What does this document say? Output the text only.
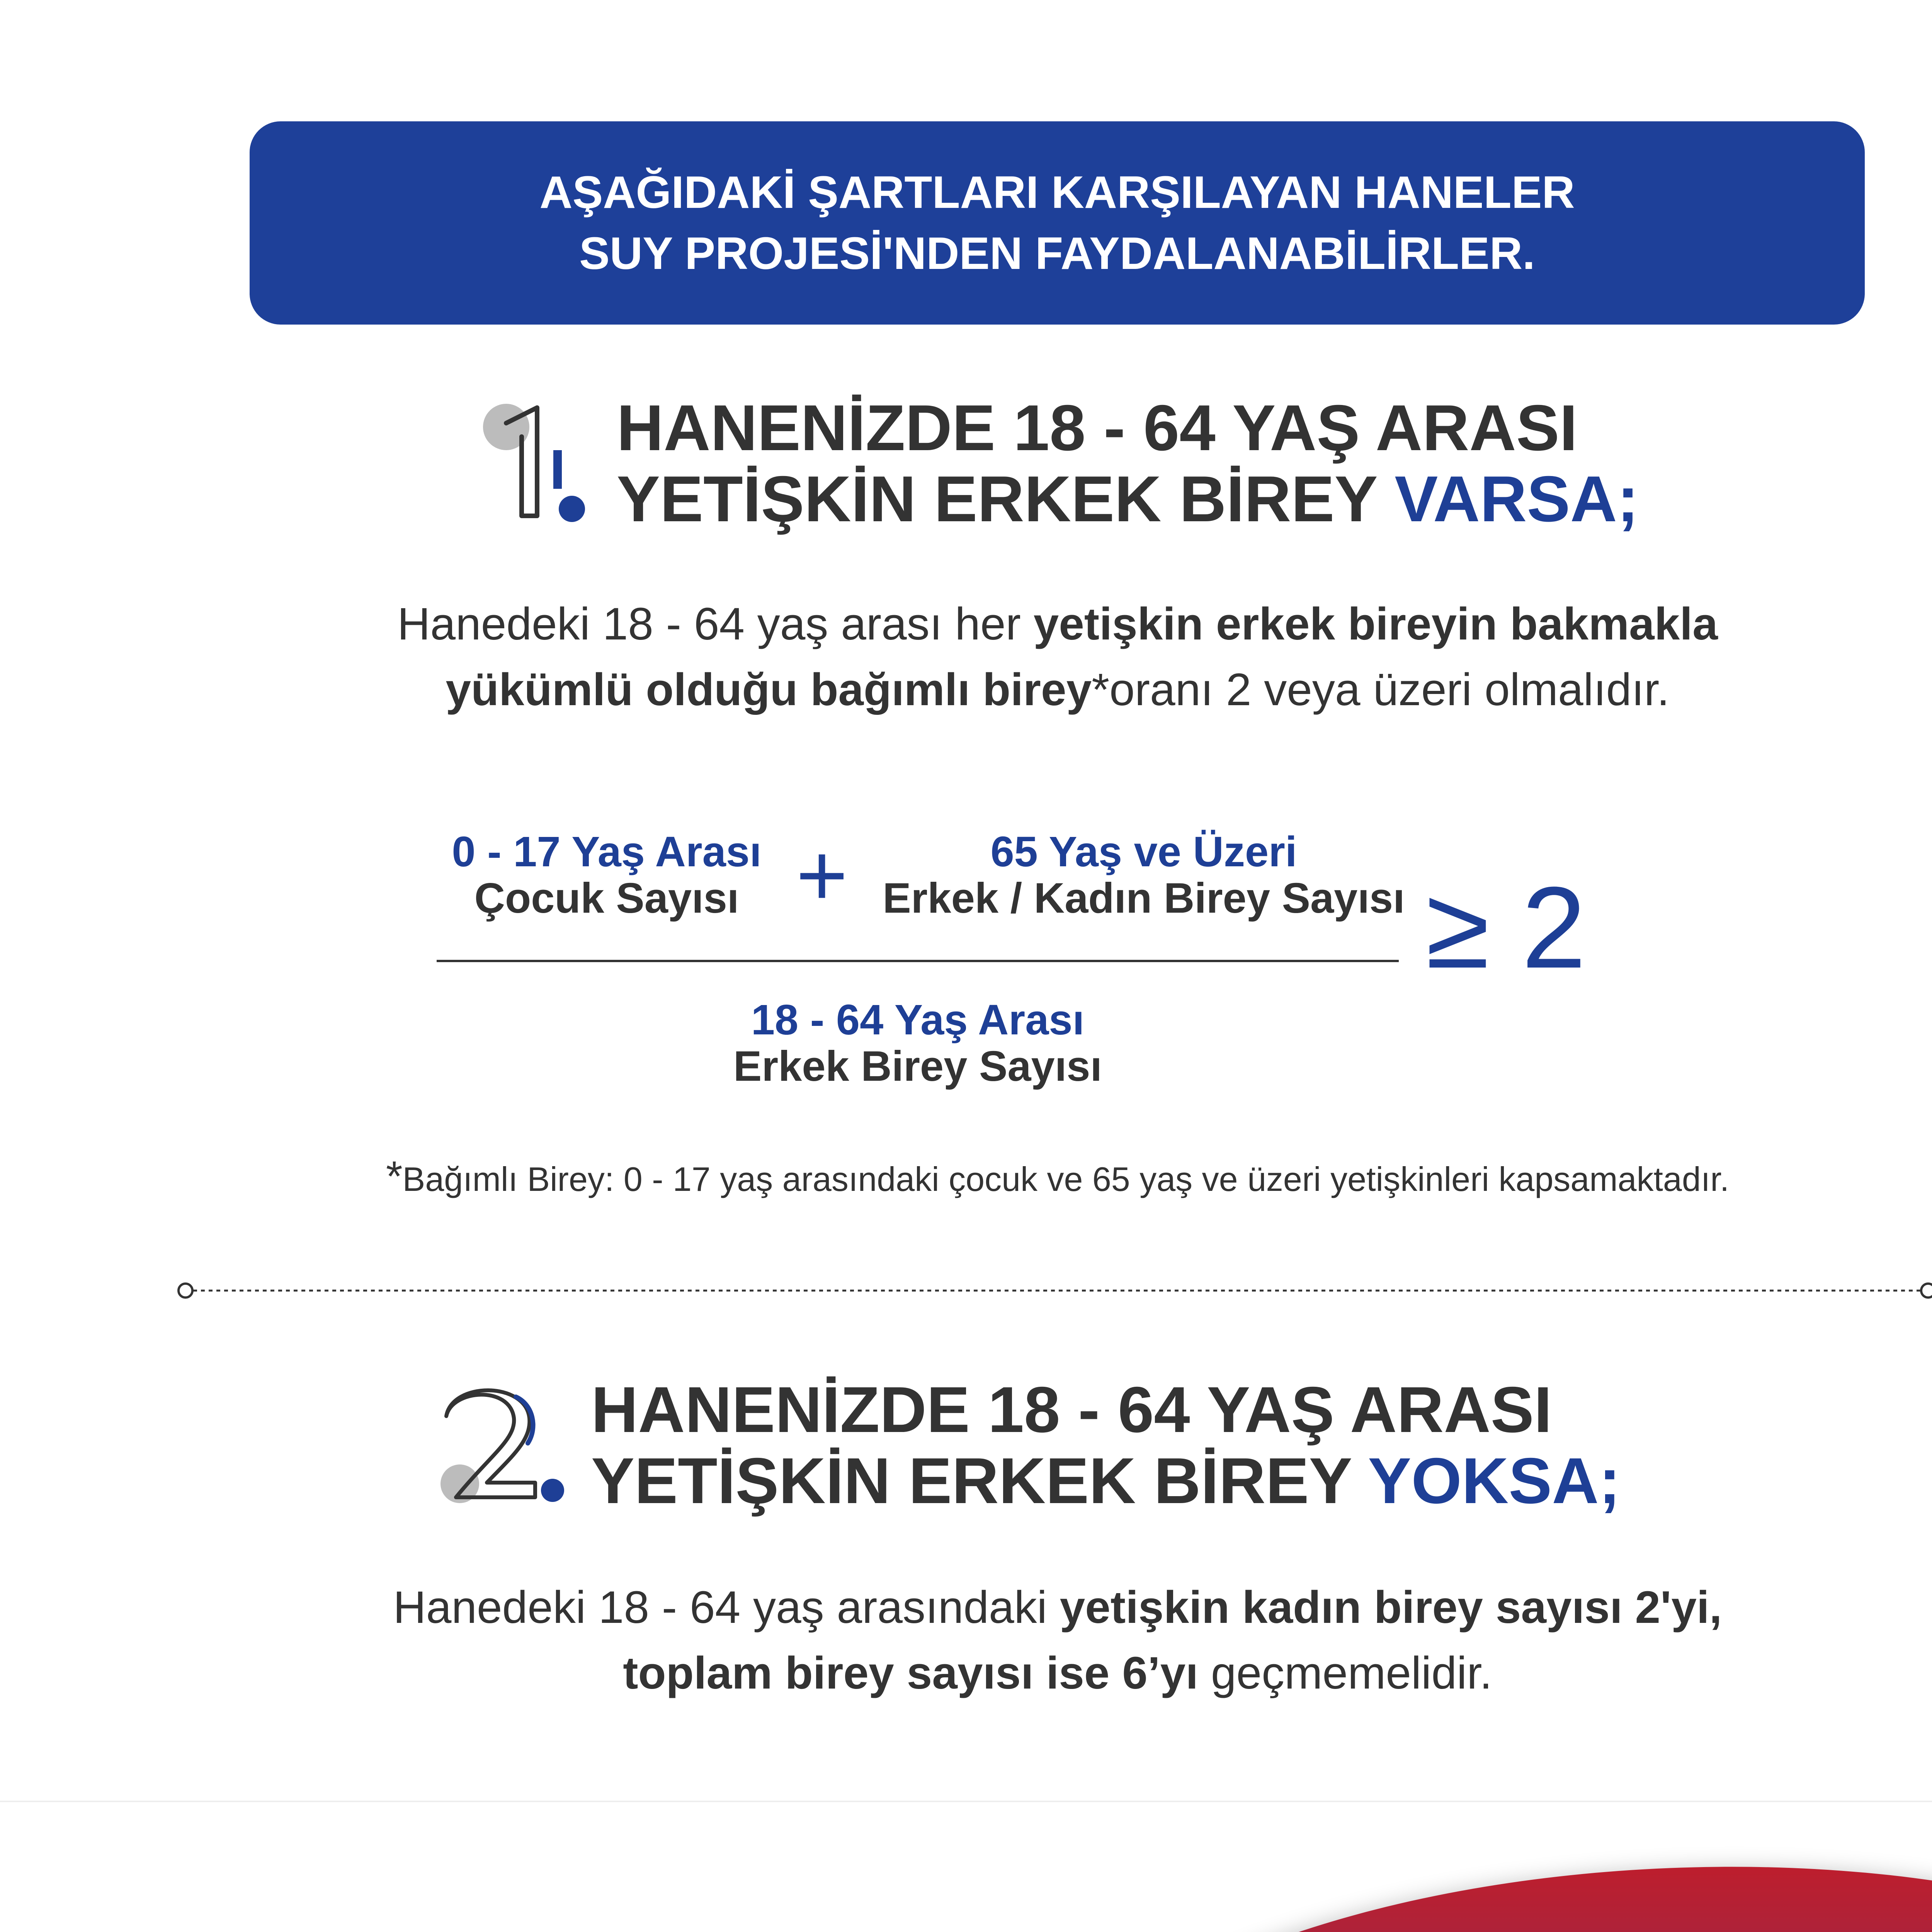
AŞAĞIDAKİ ŞARTLARI KARŞILAYAN HANELER
SUY PROJESİ'NDEN FAYDALANABİLİRLER.
HANENİZDE 18 - 64 YAŞ ARASI
YETİŞKİN ERKEK BİREY VARSA;
Hanedeki 18 - 64 yaş arası her yetişkin erkek bireyin bakmakla
yükümlü olduğu bağımlı birey*oranı 2 veya üzeri olmalıdır.
0 - 17 Yaş Arası
Çocuk Sayısı +	65 Yaş ve Üzeri
Erkek / Kadın Birey Sayısı ≥ 2
18 - 64 Yaş Arası
Erkek Birey Sayısı
*Bağımlı Birey: 0 - 17 yaş arasındaki çocuk ve 65 yaş ve üzeri yetişkinleri kapsamaktadır.
HANENİZDE 18 - 64 YAŞ ARASI
YETİŞKİN ERKEK BİREY YOKSA;
Hanedeki 18 - 64 yaş arasındaki yetişkin kadın birey sayısı 2'yi,
toplam birey sayısı ise 6’yı geçmemelidir.
